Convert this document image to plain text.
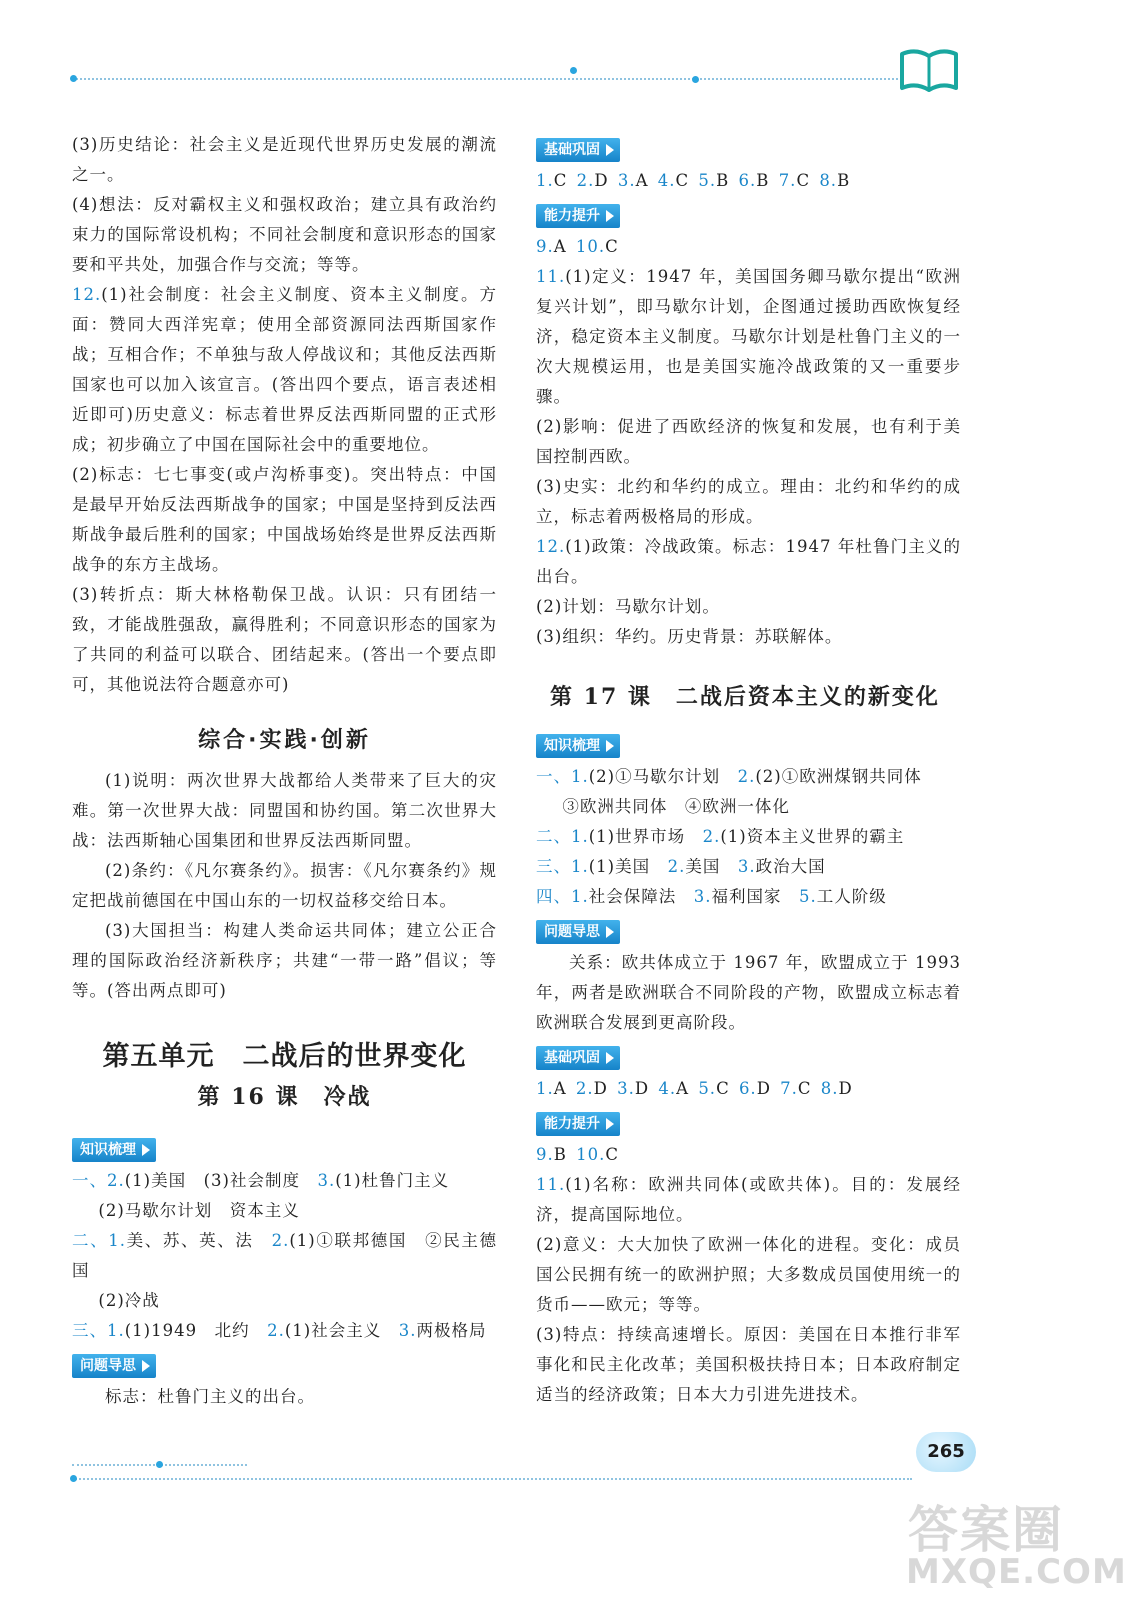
(3)历史结论：社会主义是近现代世界历史发展的潮流之一。

(4)想法：反对霸权主义和强权政治；建立具有政治约束力的国际常设机构；不同社会制度和意识形态的国家要和平共处，加强合作与交流；等等。

12.(1)社会制度：社会主义制度、资本主义制度。方面：赞同大西洋宪章；使用全部资源同法西斯国家作战；互相合作；不单独与敌人停战议和；其他反法西斯国家也可以加入该宣言。(答出四个要点，语言表述相近即可)历史意义：标志着世界反法西斯同盟的正式形成；初步确立了中国在国际社会中的重要地位。

(2)标志：七七事变(或卢沟桥事变)。突出特点：中国是最早开始反法西斯战争的国家；中国是坚持到反法西斯战争最后胜利的国家；中国战场始终是世界反法西斯战争的东方主战场。

(3)转折点：斯大林格勒保卫战。认识：只有团结一致，才能战胜强敌，赢得胜利；不同意识形态的国家为了共同的利益可以联合、团结起来。(答出一个要点即可，其他说法符合题意亦可)

综合·实践·创新

(1)说明：两次世界大战都给人类带来了巨大的灾难。第一次世界大战：同盟国和协约国。第二次世界大战：法西斯轴心国集团和世界反法西斯同盟。

(2)条约：《凡尔赛条约》。损害：《凡尔赛条约》规定把战前德国在中国山东的一切权益移交给日本。

(3)大国担当：构建人类命运共同体；建立公正合理的国际政治经济新秩序；共建“一带一路”倡议；等等。(答出两点即可)

第五单元　二战后的世界变化
第 16 课　冷战
知识梳理

一、2.(1)美国　(3)社会制度　3.(1)杜鲁门主义

(2)马歇尔计划　资本主义

二、1.美、苏、英、法　2.(1)①联邦德国　②民主德国

(2)冷战

三、1.(1)1949　北约　2.(1)社会主义　3.两极格局

问题导思

标志：杜鲁门主义的出台。

基础巩固

1.C 2.D 3.A 4.C 5.B 6.B 7.C 8.B

能力提升

9.A 10.C

11.(1)定义：1947 年，美国国务卿马歇尔提出“欧洲复兴计划”，即马歇尔计划，企图通过援助西欧恢复经济，稳定资本主义制度。马歇尔计划是杜鲁门主义的一次大规模运用，也是美国实施冷战政策的又一重要步骤。

(2)影响：促进了西欧经济的恢复和发展，也有利于美国控制西欧。

(3)史实：北约和华约的成立。理由：北约和华约的成立，标志着两极格局的形成。

12.(1)政策：冷战政策。标志：1947 年杜鲁门主义的出台。

(2)计划：马歇尔计划。

(3)组织：华约。历史背景：苏联解体。

第 17 课　二战后资本主义的新变化
知识梳理

一、1.(2)①马歇尔计划　2.(2)①欧洲煤钢共同体

③欧洲共同体　④欧洲一体化

二、1.(1)世界市场　2.(1)资本主义世界的霸主

三、1.(1)美国　2.美国　3.政治大国

四、1.社会保障法　3.福利国家　5.工人阶级

问题导思

关系：欧共体成立于 1967 年，欧盟成立于 1993 年，两者是欧洲联合不同阶段的产物，欧盟成立标志着欧洲联合发展到更高阶段。

基础巩固

1.A 2.D 3.D 4.A 5.C 6.D 7.C 8.D

能力提升

9.B 10.C

11.(1)名称：欧洲共同体(或欧共体)。目的：发展经济，提高国际地位。

(2)意义：大大加快了欧洲一体化的进程。变化：成员国公民拥有统一的欧洲护照；大多数成员国使用统一的货币——欧元；等等。

(3)特点：持续高速增长。原因：美国在日本推行非军事化和民主化改革；美国积极扶持日本；日本政府制定适当的经济政策；日本大力引进先进技术。

265
答案圈
MXQE.COM
